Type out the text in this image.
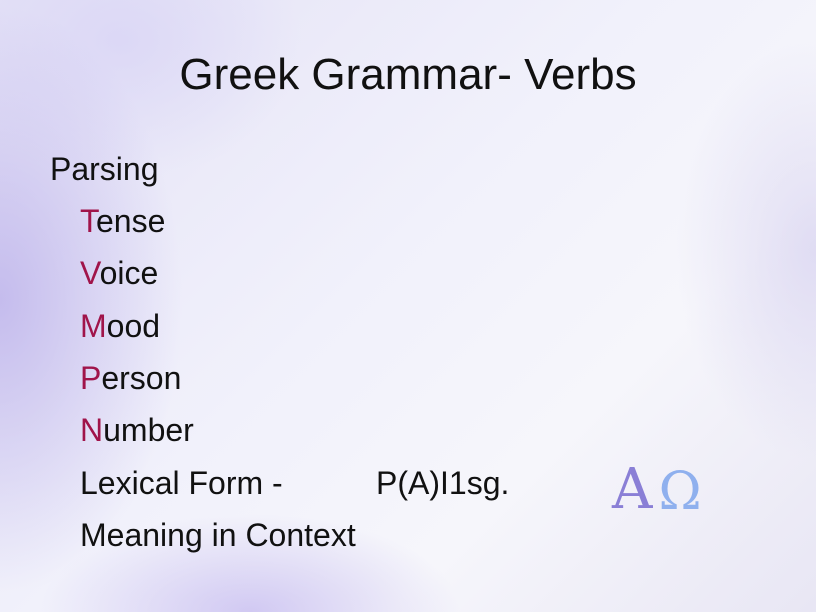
Greek Grammar- Verbs
Parsing
Tense
Voice
Mood
Person
Number
Lexical Form -	P(A)I1sg.
Meaning in Context
Α Ω
